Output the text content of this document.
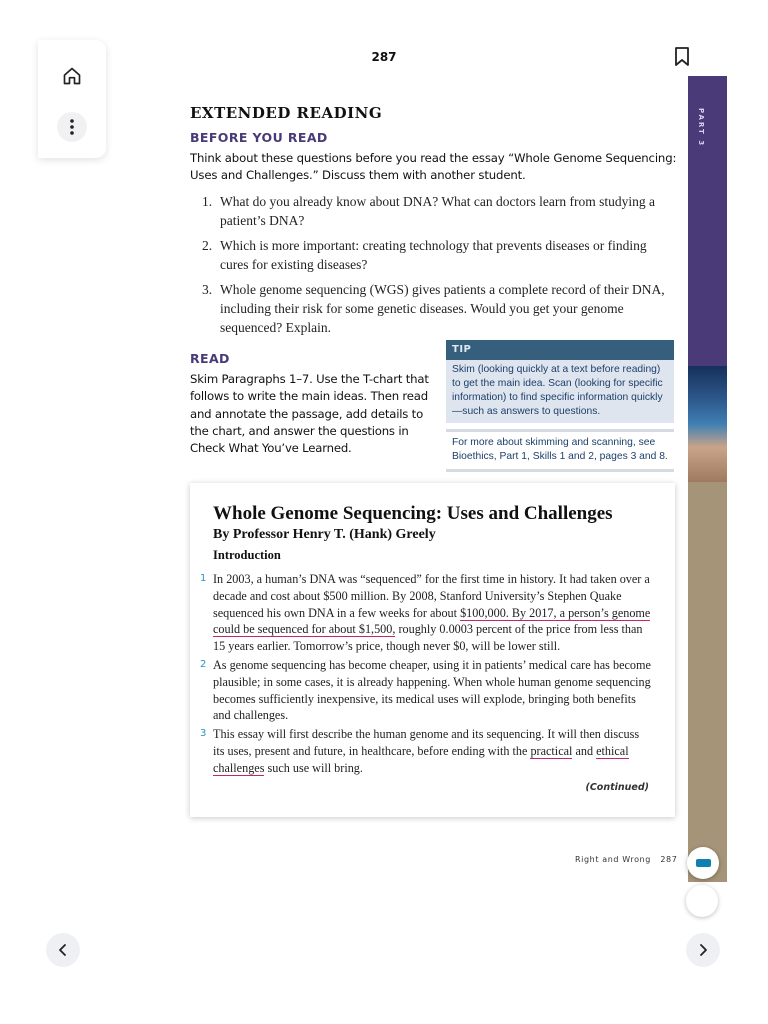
287
PART 3
EXTENDED READING
BEFORE YOU READ
Think about these questions before you read the essay “Whole Genome Sequencing: Uses and Challenges.” Discuss them with another student.
1. What do you already know about DNA? What can doctors learn from studying a patient’s DNA?
2. Which is more important: creating technology that prevents diseases or finding cures for existing diseases?
3. Whole genome sequencing (WGS) gives patients a complete record of their DNA, including their risk for some genetic diseases. Would you get your genome sequenced? Explain.
READ
Skim Paragraphs 1–7. Use the T-chart that follows to write the main ideas. Then read and annotate the passage, add details to the chart, and answer the questions in Check What You’ve Learned.
TIP
Skim (looking quickly at a text before reading) to get the main idea. Scan (looking for specific information) to find specific information quickly—such as answers to questions.
For more about skimming and scanning, see Bioethics, Part 1, Skills 1 and 2, pages 3 and 8.
Whole Genome Sequencing: Uses and Challenges
By Professor Henry T. (Hank) Greely
Introduction
1 In 2003, a human’s DNA was “sequenced” for the first time in history. It had taken over a decade and cost about $500 million. By 2008, Stanford University’s Stephen Quake sequenced his own DNA in a few weeks for about $100,000. By 2017, a person’s genome could be sequenced for about $1,500, roughly 0.0003 percent of the price from less than 15 years earlier. Tomorrow’s price, though never $0, will be lower still.
2 As genome sequencing has become cheaper, using it in patients’ medical care has become plausible; in some cases, it is already happening. When whole human genome sequencing becomes sufficiently inexpensive, its medical uses will explode, bringing both benefits and challenges.
3 This essay will first describe the human genome and its sequencing. It will then discuss its uses, present and future, in healthcare, before ending with the practical and ethical challenges such use will bring.
(Continued)
Right and Wrong 287
